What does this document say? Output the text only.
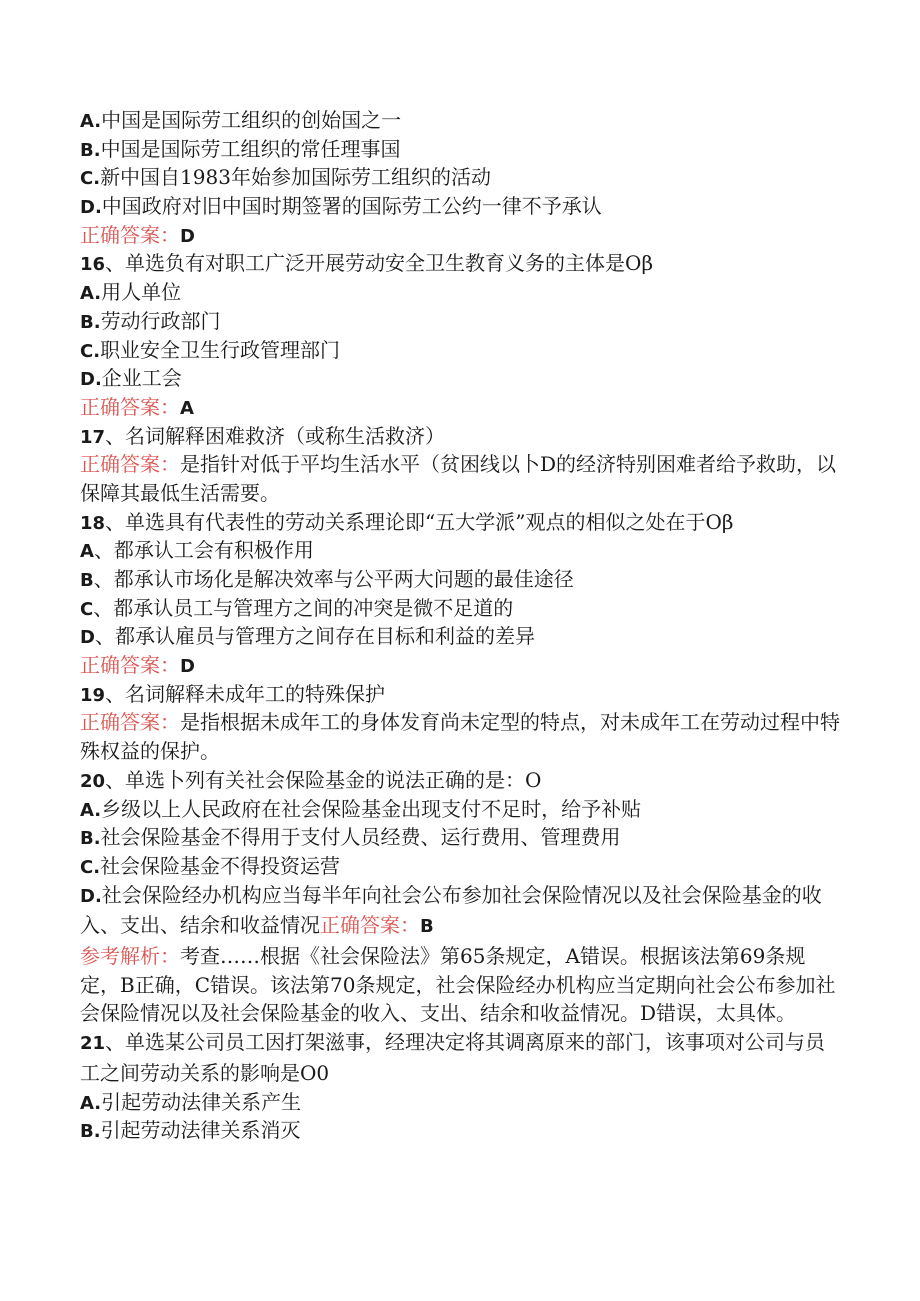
A.中国是国际劳工组织的创始国之一
B.中国是国际劳工组织的常任理事国
C.新中国自1983年始参加国际劳工组织的活动
D.中国政府对旧中国时期签署的国际劳工公约一律不予承认
正确答案：D
16、单选负有对职工广泛开展劳动安全卫生教育义务的主体是Oβ
A.用人单位
B.劳动行政部门
C.职业安全卫生行政管理部门
D.企业工会
正确答案：A
17、名词解释困难救济（或称生活救济）
正确答案：是指针对低于平均生活水平（贫困线以卜D的经济特别困难者给予救助，以保障其最低生活需要。
18、单选具有代表性的劳动关系理论即“五大学派”观点的相似之处在于Oβ
A、都承认工会有积极作用
B、都承认市场化是解决效率与公平两大问题的最佳途径
C、都承认员工与管理方之间的冲突是微不足道的
D、都承认雇员与管理方之间存在目标和利益的差异
正确答案：D
19、名词解释未成年工的特殊保护
正确答案：是指根据未成年工的身体发育尚未定型的特点，对未成年工在劳动过程中特殊权益的保护。
20、单选卜列有关社会保险基金的说法正确的是：O
A.乡级以上人民政府在社会保险基金出现支付不足时，给予补贴
B.社会保险基金不得用于支付人员经费、运行费用、管理费用
C.社会保险基金不得投资运营
D.社会保险经办机构应当每半年向社会公布参加社会保险情况以及社会保险基金的收入、支出、结余和收益情况正确答案：B
参考解析：考查……根据《社会保险法》第65条规定，A错误。根据该法第69条规定，B正确，C错误。该法第70条规定，社会保险经办机构应当定期向社会公布参加社会保险情况以及社会保险基金的收入、支出、结余和收益情况。D错误，太具体。
21、单选某公司员工因打架滋事，经理决定将其调离原来的部门，该事项对公司与员工之间劳动关系的影响是O0
A.引起劳动法律关系产生
B.引起劳动法律关系消灭
